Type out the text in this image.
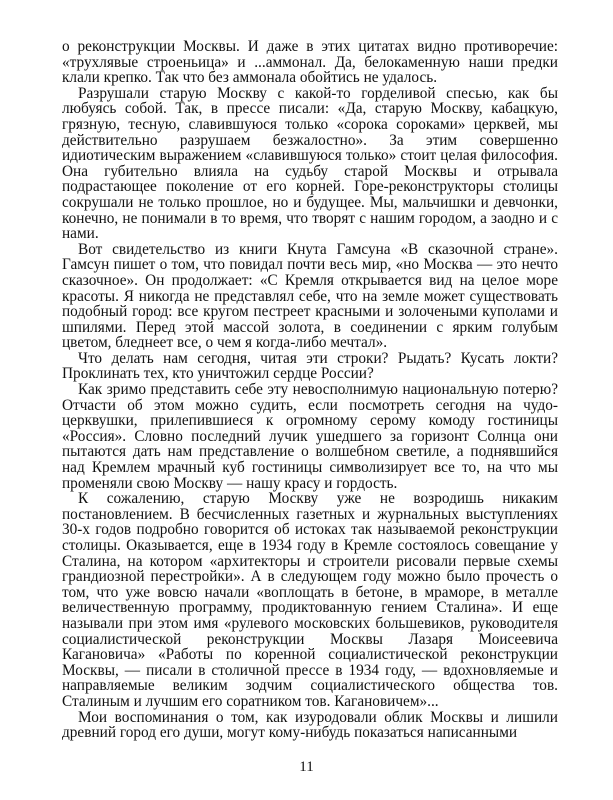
о реконструкции Москвы. И даже в этих цитатах видно противоречие: «трухлявые строеньица» и ...аммонал. Да, белокаменную наши предки клали крепко. Так что без аммонала обойтись не удалось.

Разрушали старую Москву с какой-то горделивой спесью, как бы любуясь собой. Так, в прессе писали: «Да, старую Москву, кабацкую, грязную, тесную, славившуюся только «сорока сороками» церквей, мы действительно разрушаем безжалостно». За этим совершенно идиотическим выражением «славившуюся только» стоит целая философия. Она губительно влияла на судьбу старой Москвы и отрывала подрастающее поколение от его корней. Горе-реконструкторы столицы сокрушали не только прошлое, но и будущее. Мы, мальчишки и девчонки, конечно, не понимали в то время, что творят с нашим городом, а заодно и с нами.

Вот свидетельство из книги Кнута Гамсуна «В сказочной стране». Гамсун пишет о том, что повидал почти весь мир, «но Москва — это нечто сказочное». Он продолжает: «С Кремля открывается вид на целое море красоты. Я никогда не представлял себе, что на земле может существовать подобный город: все кругом пестреет красными и золочеными куполами и шпилями. Перед этой массой золота, в соединении с ярким голубым цветом, бледнеет все, о чем я когда-либо мечтал».

Что делать нам сегодня, читая эти строки? Рыдать? Кусать локти? Проклинать тех, кто уничтожил сердце России?

Как зримо представить себе эту невосполнимую национальную потерю? Отчасти об этом можно судить, если посмотреть сегодня на чудо-церквушки, прилепившиеся к огромному серому комоду гостиницы «Россия». Словно последний лучик ушедшего за горизонт Солнца они пытаются дать нам представление о волшебном светиле, а поднявшийся над Кремлем мрачный куб гостиницы символизирует все то, на что мы променяли свою Москву — нашу красу и гордость.

К сожалению, старую Москву уже не возродишь никаким постановлением. В бесчисленных газетных и журнальных выступлениях 30-х годов подробно говорится об истоках так называемой реконструкции столицы. Оказывается, еще в 1934 году в Кремле состоялось совещание у Сталина, на котором «архитекторы и строители рисовали первые схемы грандиозной перестройки». А в следующем году можно было прочесть о том, что уже вовсю начали «воплощать в бетоне, в мраморе, в металле величественную программу, продиктованную гением Сталина». И еще называли при этом имя «рулевого московских большевиков, руководителя социалистической реконструкции Москвы Лазаря Моисеевича Кагановича» «Работы по коренной социалистической реконструкции Москвы, — писали в столичной прессе в 1934 году, — вдохновляемые и направляемые великим зодчим социалистического общества тов. Сталиным и лучшим его соратником тов. Кагановичем»...

Мои воспоминания о том, как изуродовали облик Москвы и лишили древний город его души, могут кому-нибудь показаться написанными

11
